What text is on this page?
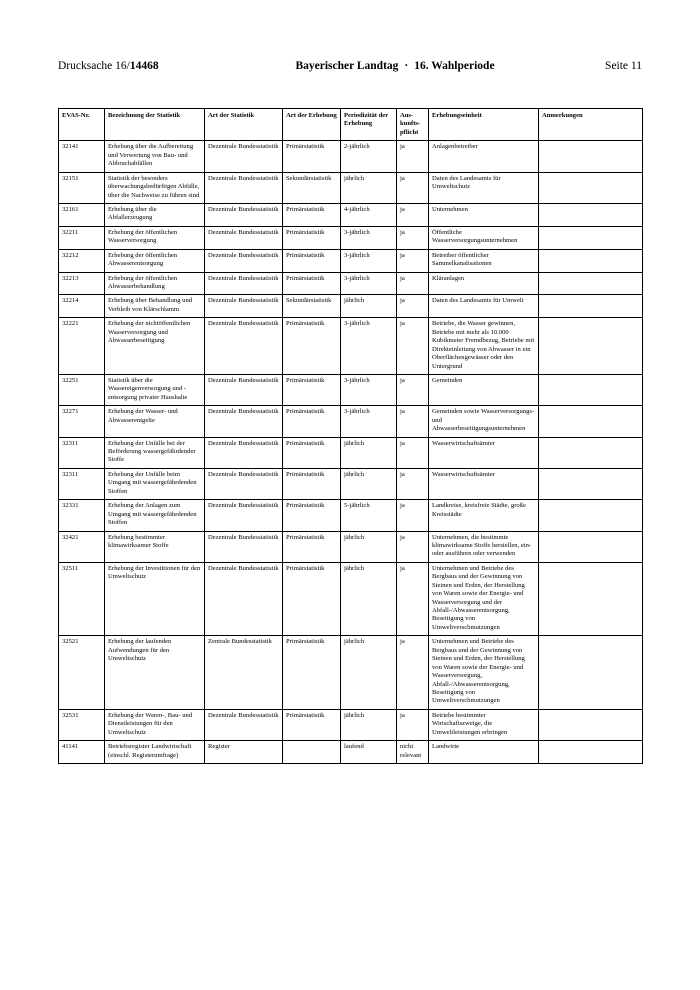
Drucksache 16/14468	Bayerischer Landtag · 16. Wahlperiode	Seite 11
EVAS-Nr.	Bezeichnung der Statistik	Art der Statistik	Art der Erhebung	Periodizität der Erhebung	Aus-kunfts-pflicht	Erhebungseinheit	Anmerkungen
32141	Erhebung über die Aufbereitung und Verwertung von Bau- und Abbruchabfällen	Dezentrale Bundesstatistik	Primärstatistik	2-jährlich	ja	Anlagenbetreiber	
32151	Statistik der besonders überwachungsbedürftigen Abfälle, über die Nachweise zu führen sind	Dezentrale Bundesstatistik	Sekundärstatistik	jährlich	ja	Daten des Landesamts für Umweltschutz	
32161	Erhebung über die Abfallerzeugung	Dezentrale Bundesstatistik	Primärstatistik	4-jährlich	ja	Unternehmen	
32211	Erhebung der öffentlichen Wasserversorgung	Dezentrale Bundesstatistik	Primärstatistik	3-jährlich	ja	Öffentliche Wasserversorgungsunternehmen	
32212	Erhebung der öffentlichen Abwasserentsorgung	Dezentrale Bundesstatistik	Primärstatistik	3-jährlich	ja	Betreiber öffentlicher Sammelkanalisationen	
32213	Erhebung der öffentlichen Abwasserbehandlung	Dezentrale Bundesstatistik	Primärstatistik	3-jährlich	ja	Kläranlagen	
32214	Erhebung über Behandlung und Verbleib von Klärschlamm	Dezentrale Bundesstatistik	Sekundärstatistik	jährlich	ja	Daten des Landesamts für Umwelt	
32221	Erhebung der nichtöffentlichen Wasserversorgung und Abwasserbeseitigung	Dezentrale Bundesstatistik	Primärstatistik	3-jährlich	ja	Betriebe, die Wasser gewinnen, Betriebe mit mehr als 10.000 Kubikmeter Fremdbezug, Betriebe mit Direkteinleitung von Abwasser in ein Oberflächengewässer oder den Untergrund	
32251	Statistik über die Wassereigenversorgung und -entsorgung privater Haushalte	Dezentrale Bundesstatistik	Primärstatistik	3-jährlich	ja	Gemeinden	
32271	Erhebung der Wasser- und Abwasserentgelte	Dezentrale Bundesstatistik	Primärstatistik	3-jährlich	ja	Gemeinden sowie Wasserversorgungs- und Abwasserbeseitigungsunternehmen	
32311	Erhebung der Unfälle bei der Beförderung wassergefährdender Stoffe	Dezentrale Bundesstatistik	Primärstatistik	jährlich	ja	Wasserwirtschaftsämter	
32311	Erhebung der Unfälle beim Umgang mit wassergefährdenden Stoffen	Dezentrale Bundesstatistik	Primärstatistik	jährlich	ja	Wasserwirtschaftsämter	
32331	Erhebung der Anlagen zum Umgang mit wassergefährdenden Stoffen	Dezentrale Bundesstatistik	Primärstatistik	5-jährlich	ja	Landkreise, kreisfreie Städte, große Kreisstädte	
32421	Erhebung bestimmter klimawirksamer Stoffe	Dezentrale Bundesstatistik	Primärstatistik	jährlich	ja	Unternehmen, die bestimmte klimawirksame Stoffe herstellen, ein- oder ausführen oder verwenden	
32511	Erhebung der Investitionen für den Umweltschutz	Dezentrale Bundesstatistik	Primärstatistik	jährlich	ja	Unternehmen und Betriebe des Bergbaus und der Gewinnung von Steinen und Erden, der Herstellung von Waren sowie der Energie- und Wasserversorgung und der Abfall-/Abwasserentsorgung, Beseitigung von Umweltverschmutzungen	
32521	Erhebung der laufenden Aufwendungen für den Umweltschutz	Zentrale Bundesstatistik	Primärstatistik	jährlich	ja	Unternehmen und Betriebe des Bergbaus und der Gewinnung von Steinen und Erden, der Herstellung von Waren sowie der Energie- und Wasserversorgung, Abfall-/Abwasserentsorgung, Beseitigung von Umweltverschmutzungen	
32531	Erhebung der Waren-, Bau- und Dienstleistungen für den Umweltschutz	Dezentrale Bundesstatistik	Primärstatistik	jährlich	ja	Betriebe bestimmter Wirtschaftszweige, die Umweltleistungen erbringen	
41141	Betriebsregister Landwirtschaft (einschl. Registerumfrage)	Register		laufend	nicht relevant	Landwirte	
